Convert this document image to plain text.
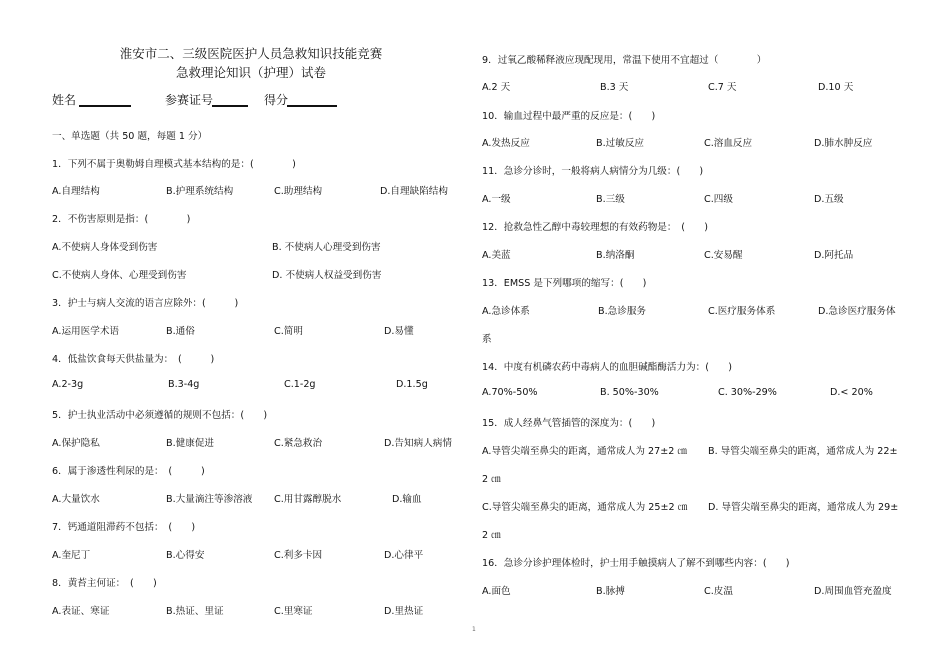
淮安市二、三级医院医护人员急救知识技能竞赛
急救理论知识（护理）试卷
姓名	参赛证号	得分
一、单选题（共 50 题，每题 1 分）
1．下列不属于奥勒姆自理模式基本结构的是：(　　　　)
A.自理结构	B.护理系统结构	C.助理结构	D.自理缺陷结构
2．不伤害原则是指：(　　　　)
A.不使病人身体受到伤害	B. 不使病人心理受到伤害
C.不使病人身体、心理受到伤害	D. 不使病人权益受到伤害
3．护士与病人交流的语言应除外：(　　　)
A.运用医学术语	B.通俗	C.简明	D.易懂
4．低盐饮食每天供盐量为：　(　　　)
A.2-3g	B.3-4g	C.1-2g	D.1.5g
5．护士执业活动中必须遵循的规则不包括：(　　)
A.保护隐私	B.健康促进	C.紧急救治	D.告知病人病情
6．属于渗透性利尿的是：　(　　　)
A.大量饮水	B.大量滴注等渗溶液 C.用甘露醇脱水	D.输血
7．钙通道阻滞药不包括：　(　　)
A.奎尼丁	B.心得安	C.利多卡因	D.心律平
8．黄苔主何证：　(　　)
A.表证、寒证	B.热证、里证	C.里寒证	D.里热证
9．过氧乙酸稀释液应现配现用，常温下使用不宜超过（　　　　）
A.2 天	B.3 天	C.7 天	D.10 天
10．输血过程中最严重的反应是：(　　)
A.发热反应	B.过敏反应	C.溶血反应	D.肺水肿反应
11．急诊分诊时，一般将病人病情分为几级：(　　)
A.一级	B.三级	C.四级	D.五级
12．抢救急性乙醇中毒较理想的有效药物是：　(　　)
A.美蓝	B.纳洛酮	C.安易醒	D.阿托品
13．EMSS 是下列哪项的缩写：(　　)
A.急诊体系	B.急诊服务	C.医疗服务体系	D.急诊医疗服务体
系
14．中度有机磷农药中毒病人的血胆碱酯酶活力为：(　　)
A.70%-50%	B. 50%-30%	C. 30%-29%	D.< 20%
15．成人经鼻气管插管的深度为：(　　)
A.导管尖端至鼻尖的距离，通常成人为 27±2 ㎝ B. 导管尖端至鼻尖的距离，通常成人为 22±
2 ㎝
C.导管尖端至鼻尖的距离，通常成人为 25±2 ㎝ D. 导管尖端至鼻尖的距离，通常成人为 29±
2 ㎝
16．急诊分诊护理体检时，护士用手触摸病人了解不到哪些内容：(　　)
A.面色	B.脉搏	C.皮温	D.周围血管充盈度
1
